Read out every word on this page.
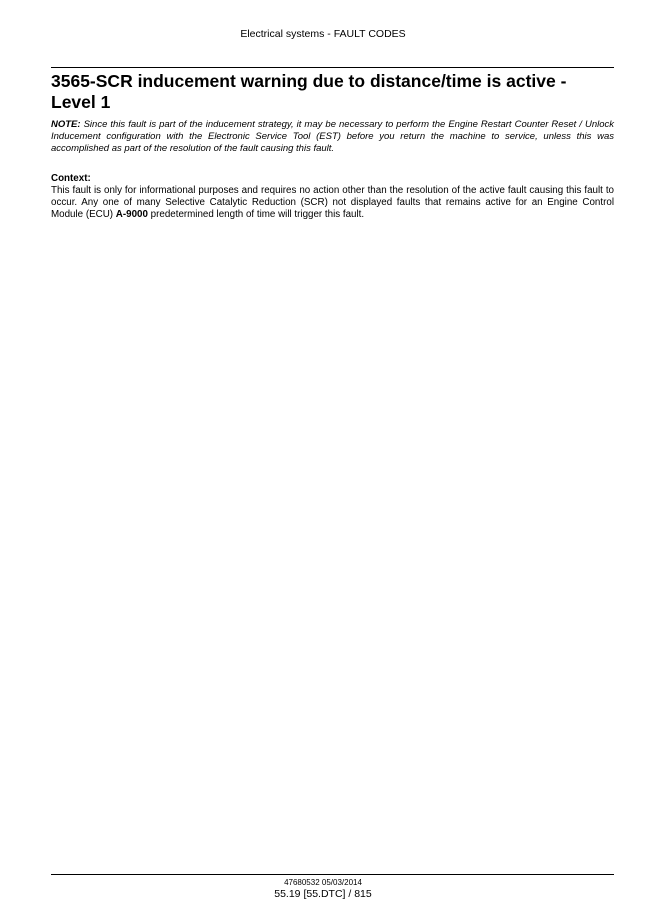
Electrical systems - FAULT CODES
3565-SCR inducement warning due to distance/time is active - Level 1

NOTE: Since this fault is part of the inducement strategy, it may be necessary to perform the Engine Restart Counter Reset / Unlock Inducement configuration with the Electronic Service Tool (EST) before you return the machine to service, unless this was accomplished as part of the resolution of the fault causing this fault.

Context:

This fault is only for informational purposes and requires no action other than the resolution of the active fault causing this fault to occur. Any one of many Selective Catalytic Reduction (SCR) not displayed faults that remains active for an Engine Control Module (ECU) A-9000 predetermined length of time will trigger this fault.

47680532 05/03/2014
55.19 [55.DTC] / 815
